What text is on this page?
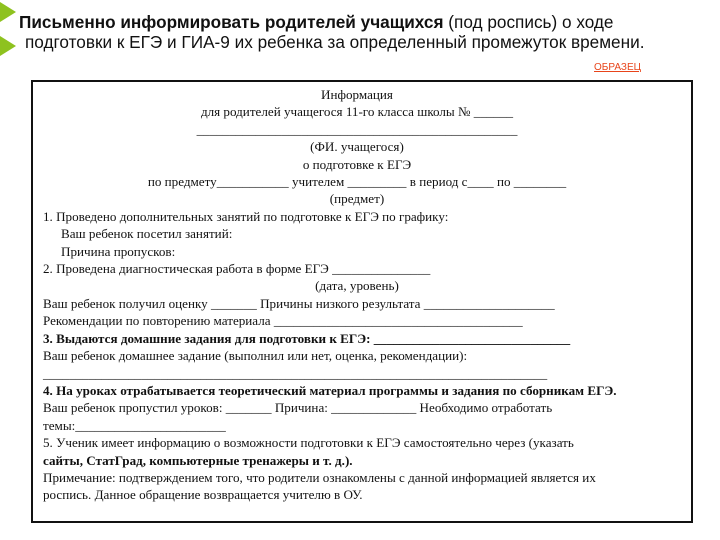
Письменно информировать родителей учащихся (под роспись) о ходе
подготовки к ЕГЭ и ГИА-9 их ребенка за определенный промежуток времени.
ОБРАЗЕЦ
Информация
для родителей учащегося 11-го класса школы № ______
_________________________________________________
(ФИ. учащегося)
о подготовке к ЕГЭ
по предмету___________ учителем _________ в период с____ по ________
(предмет)
1. Проведено дополнительных занятий по подготовке к ЕГЭ по графику:
Ваш ребенок посетил занятий:
Причина пропусков:
2. Проведена диагностическая работа в форме ЕГЭ _______________
(дата, уровень)
Ваш ребенок получил оценку _______ Причины низкого результата ____________________
Рекомендации по повторению материала ______________________________________
3. Выдаются домашние задания для подготовки к ЕГЭ: ______________________________
Ваш ребенок домашнее задание (выполнил или нет, оценка, рекомендации):
_____________________________________________________________________________
4. На уроках отрабатывается теоретический материал программы и задания по сборникам ЕГЭ.
Ваш ребенок пропустил уроков: _______ Причина: _____________ Необходимо отработать
темы:_______________________
5. Ученик имеет информацию о возможности подготовки к ЕГЭ самостоятельно через (указать
сайты, СтатГрад, компьютерные тренажеры и т. д.).
Примечание: подтверждением того, что родители ознакомлены с данной информацией является их
роспись. Данное обращение возвращается учителю в ОУ.
